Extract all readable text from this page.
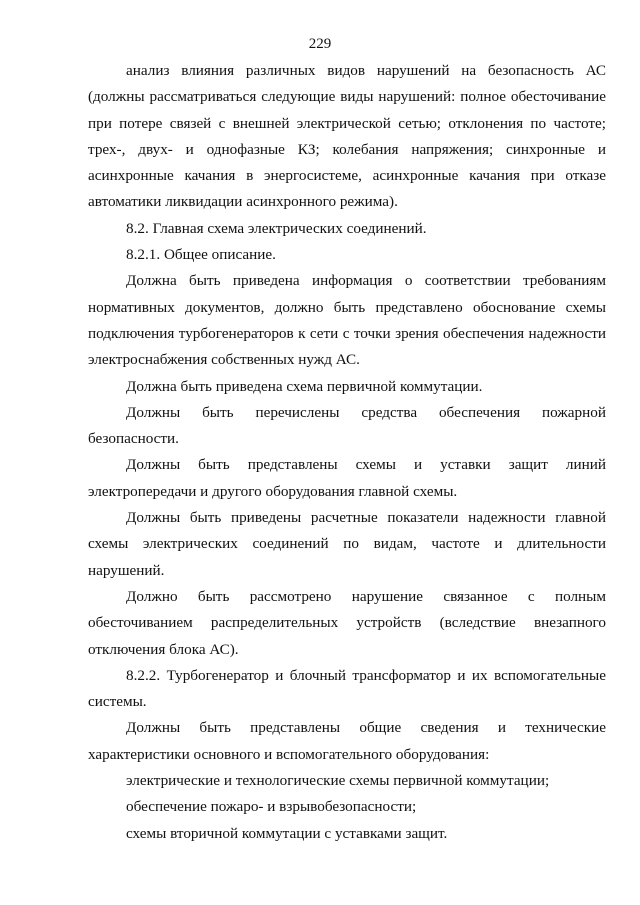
229

анализ влияния различных видов нарушений на безопасность АС (должны рассматриваться следующие виды нарушений: полное обесточивание при потере связей с внешней электрической сетью; отклонения по частоте; трех-, двух- и однофазные КЗ; колебания напряжения; синхронные и асинхронные качания в энергосистеме, асинхронные качания при отказе автоматики ликвидации асинхронного режима).

8.2. Главная схема электрических соединений.

8.2.1. Общее описание.

Должна быть приведена информация о соответствии требованиям нормативных документов, должно быть представлено обоснование схемы подключения турбогенераторов к сети с точки зрения обеспечения надежности электроснабжения собственных нужд АС.

Должна быть приведена схема первичной коммутации.

Должны быть перечислены средства обеспечения пожарной безопасности.

Должны быть представлены схемы и уставки защит линий электропередачи и другого оборудования главной схемы.

Должны быть приведены расчетные показатели надежности главной схемы электрических соединений по видам, частоте и длительности нарушений.

Должно быть рассмотрено нарушение связанное с полным обесточиванием распределительных устройств (вследствие внезапного отключения блока АС).

8.2.2. Турбогенератор и блочный трансформатор и их вспомогательные системы.

Должны быть представлены общие сведения и технические характеристики основного и вспомогательного оборудования:

электрические и технологические схемы первичной коммутации;

обеспечение пожаро- и взрывобезопасности;

схемы вторичной коммутации с уставками защит.
